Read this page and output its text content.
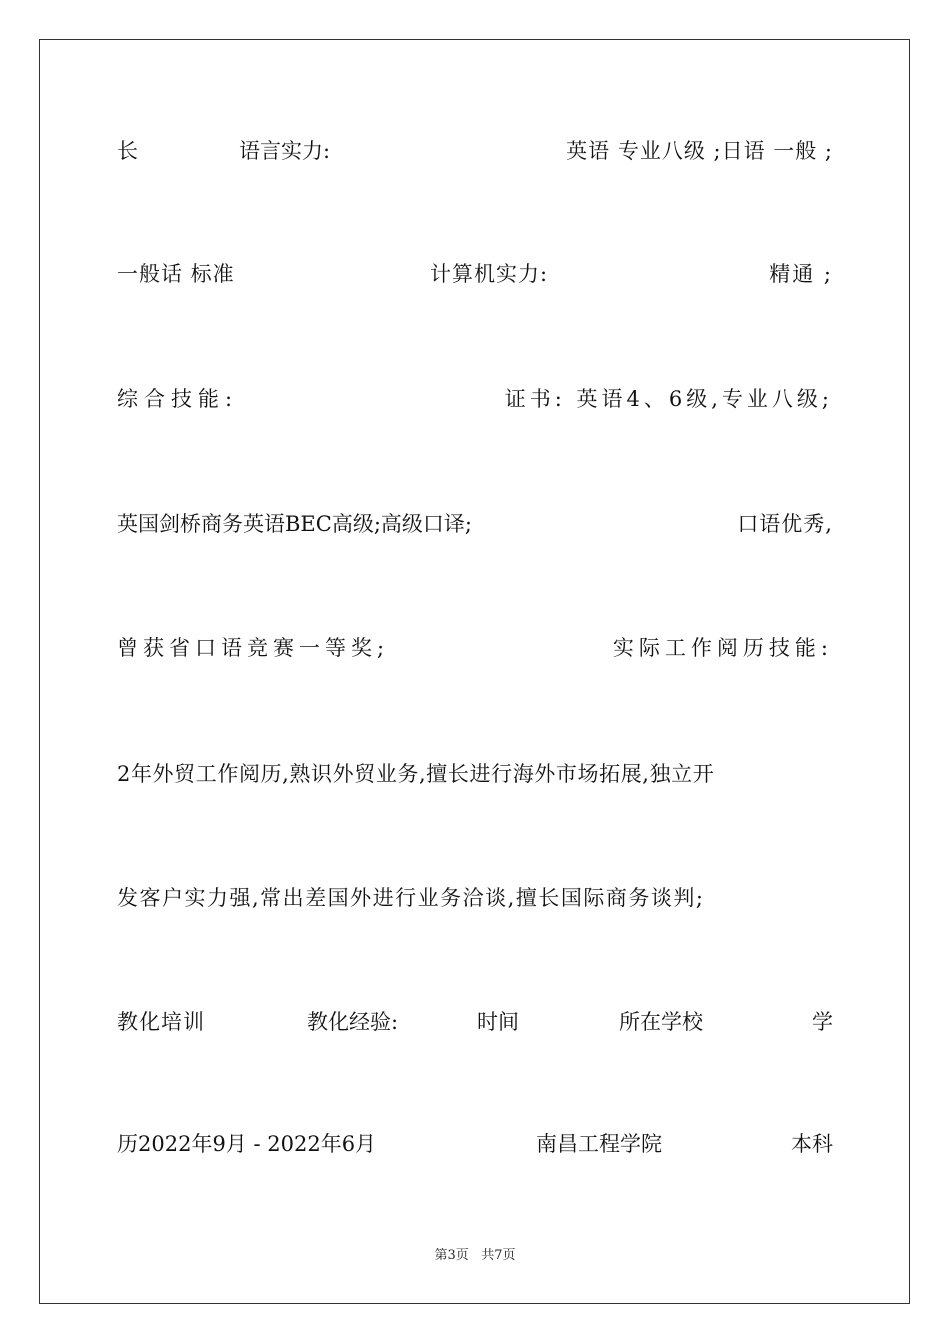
长	语言实力:	英语 专业八级 ;日语 一般 ;
一般话 标准	计算机实力:	精通 ;
综合技能:	证书: 英语4、6级,专业八级;
英国剑桥商务英语BEC高级;高级口译;	口语优秀,
曾获省口语竞赛一等奖;	实际工作阅历技能:
2年外贸工作阅历,熟识外贸业务,擅长进行海外市场拓展,独立开
发客户实力强,常出差国外进行业务洽谈,擅长国际商务谈判;
教化培训	教化经验:	时间	所在学校	学
历2022年9月 - 2022年6月	南昌工程学院	本科
第3页 共7页
